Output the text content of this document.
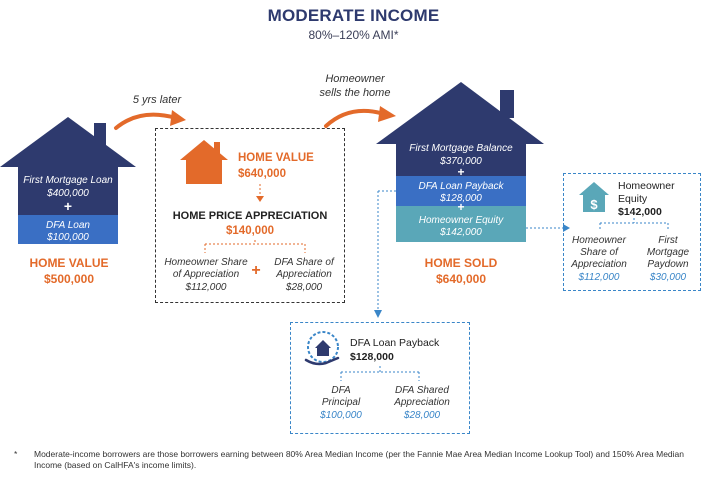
MODERATE INCOME
80%–120% AMI*
5 yrs later
Homeowner
sells the home
First Mortgage Loan
$400,000
+
DFA Loan
$100,000
HOME VALUE
$500,000
HOME VALUE
$640,000
HOME PRICE APPRECIATION
$140,000
Homeowner Share
of Appreciation
$112,000
+	DFA Share of
Appreciation
$28,000
First Mortgage Balance
$370,000
+
DFA Loan Payback
$128,000
+
Homeowner Equity
$142,000
HOME SOLD
$640,000
$
Homeowner
Equity
$142,000
Homeowner
Share of
Appreciation
$112,000
First
Mortgage
Paydown
$30,000
DFA Loan Payback
$128,000
DFA
Principal
$100,000
DFA Shared
Appreciation
$28,000
* Moderate-income borrowers are those borrowers earning between 80% Area Median Income (per the Fannie Mae Area Median Income Lookup Tool) and 150% Area Median
Income (based on CalHFA's income limits).
